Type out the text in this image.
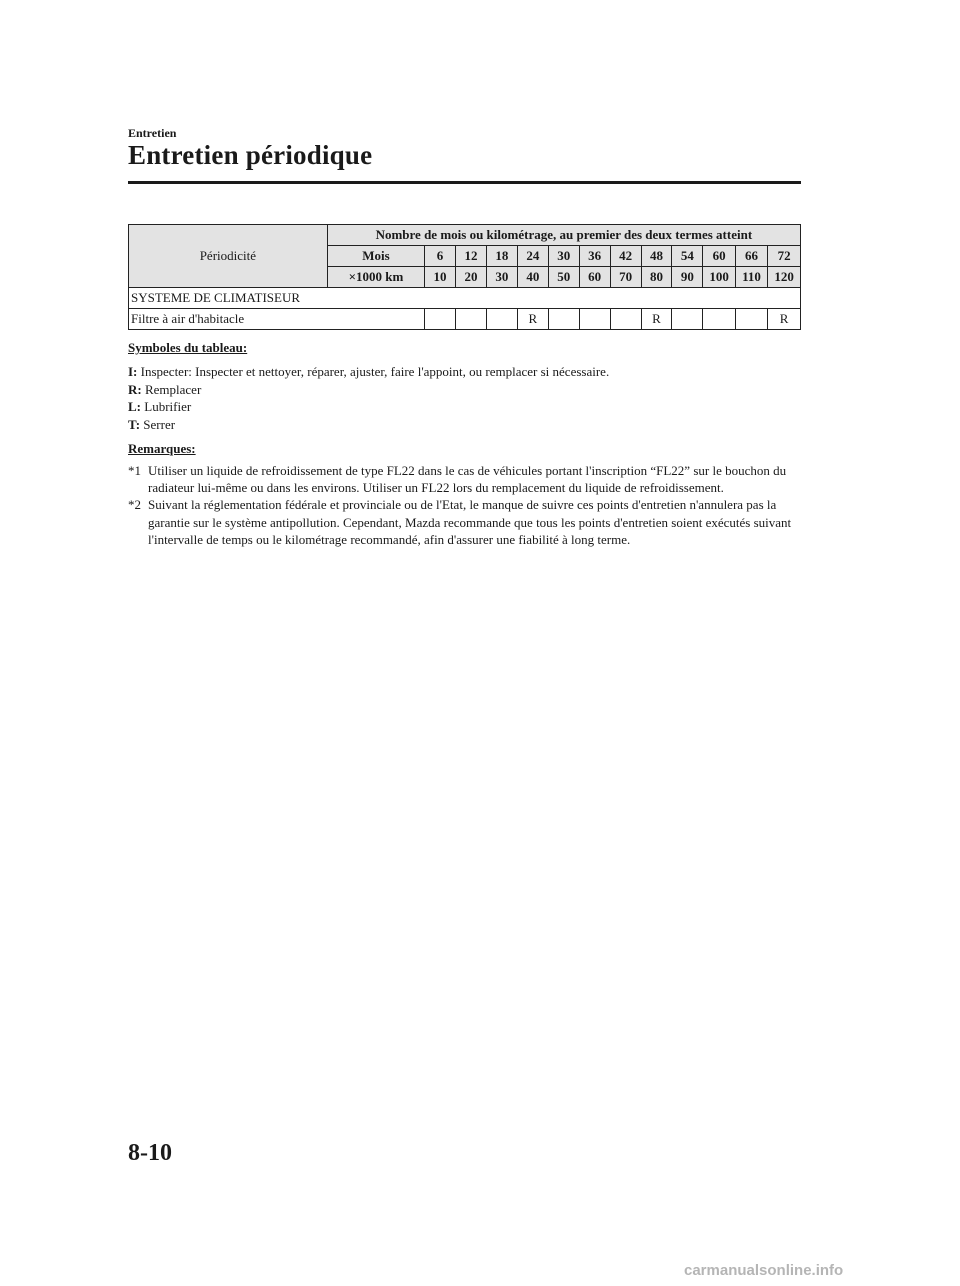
Entretien
Entretien périodique
Périodicité	Nombre de mois ou kilométrage, au premier des deux termes atteint												
	Mois	6	12	18	24	30	36	42	48	54	60	66	72
	×1000 km	10	20	30	40	50	60	70	80	90	100	110	120
SYSTEME DE CLIMATISEUR													
Filtre à air d'habitacle					R				R				R
Symboles du tableau:
I: Inspecter: Inspecter et nettoyer, réparer, ajuster, faire l'appoint, ou remplacer si nécessaire.
R: Remplacer
L: Lubrifier
T: Serrer
Remarques:
*1 Utiliser un liquide de refroidissement de type FL22 dans le cas de véhicules portant l'inscription “FL22” sur le bouchon du radiateur lui-même ou dans les environs. Utiliser un FL22 lors du remplacement du liquide de refroidissement.
*2 Suivant la réglementation fédérale et provinciale ou de l'Etat, le manque de suivre ces points d'entretien n'annulera pas la garantie sur le système antipollution. Cependant, Mazda recommande que tous les points d'entretien soient exécutés suivant l'intervalle de temps ou le kilométrage recommandé, afin d'assurer une fiabilité à long terme.
8-10
carmanualsonline.info
